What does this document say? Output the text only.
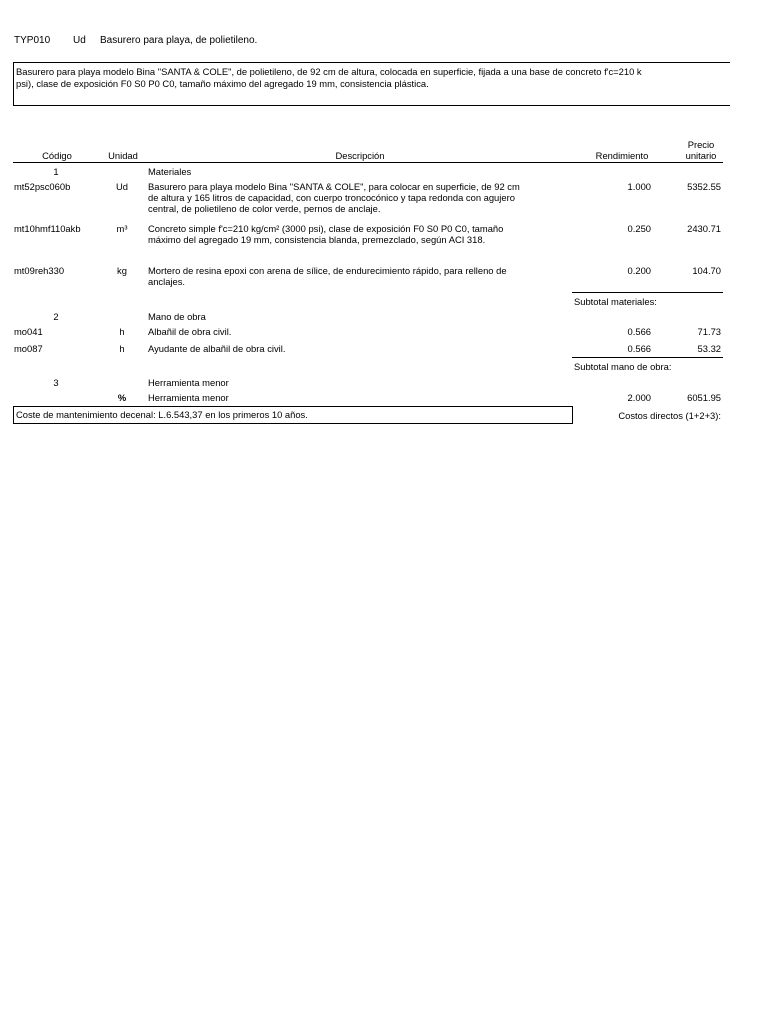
TYP010 Ud Basurero para playa, de polietileno.
Basurero para playa modelo Bina "SANTA & COLE", de polietileno, de 92 cm de altura, colocada en superficie, fijada a una base de concreto f'c=210 k
psi), clase de exposición F0 S0 P0 C0, tamaño máximo del agregado 19 mm, consistencia plástica.
Código	Unidad	Descripción	Rendimiento
Precio
unitario
1	Materiales
mt52psc060b	Ud	Basurero para playa modelo Bina "SANTA & COLE", para colocar en superficie, de 92 cm
de altura y 165 litros de capacidad, con cuerpo troncocónico y tapa redonda con agujero
central, de polietileno de color verde, pernos de anclaje.
1.000	5352.55
mt10hmf110akb	m³	Concreto simple f'c=210 kg/cm² (3000 psi), clase de exposición F0 S0 P0 C0, tamaño
máximo del agregado 19 mm, consistencia blanda, premezclado, según ACI 318.
0.250	2430.71
mt09reh330	kg	Mortero de resina epoxi con arena de sílice, de endurecimiento rápido, para relleno de
anclajes.
0.200	104.70
Subtotal materiales:
2	Mano de obra
mo041	h	Albañil de obra civil.	0.566	71.73
mo087	h	Ayudante de albañil de obra civil.	0.566	53.32
Subtotal mano de obra:
3	Herramienta menor
%	Herramienta menor	2.000	6051.95
Coste de mantenimiento decenal: L.6.543,37 en los primeros 10 años.	Costos directos (1+2+3):
